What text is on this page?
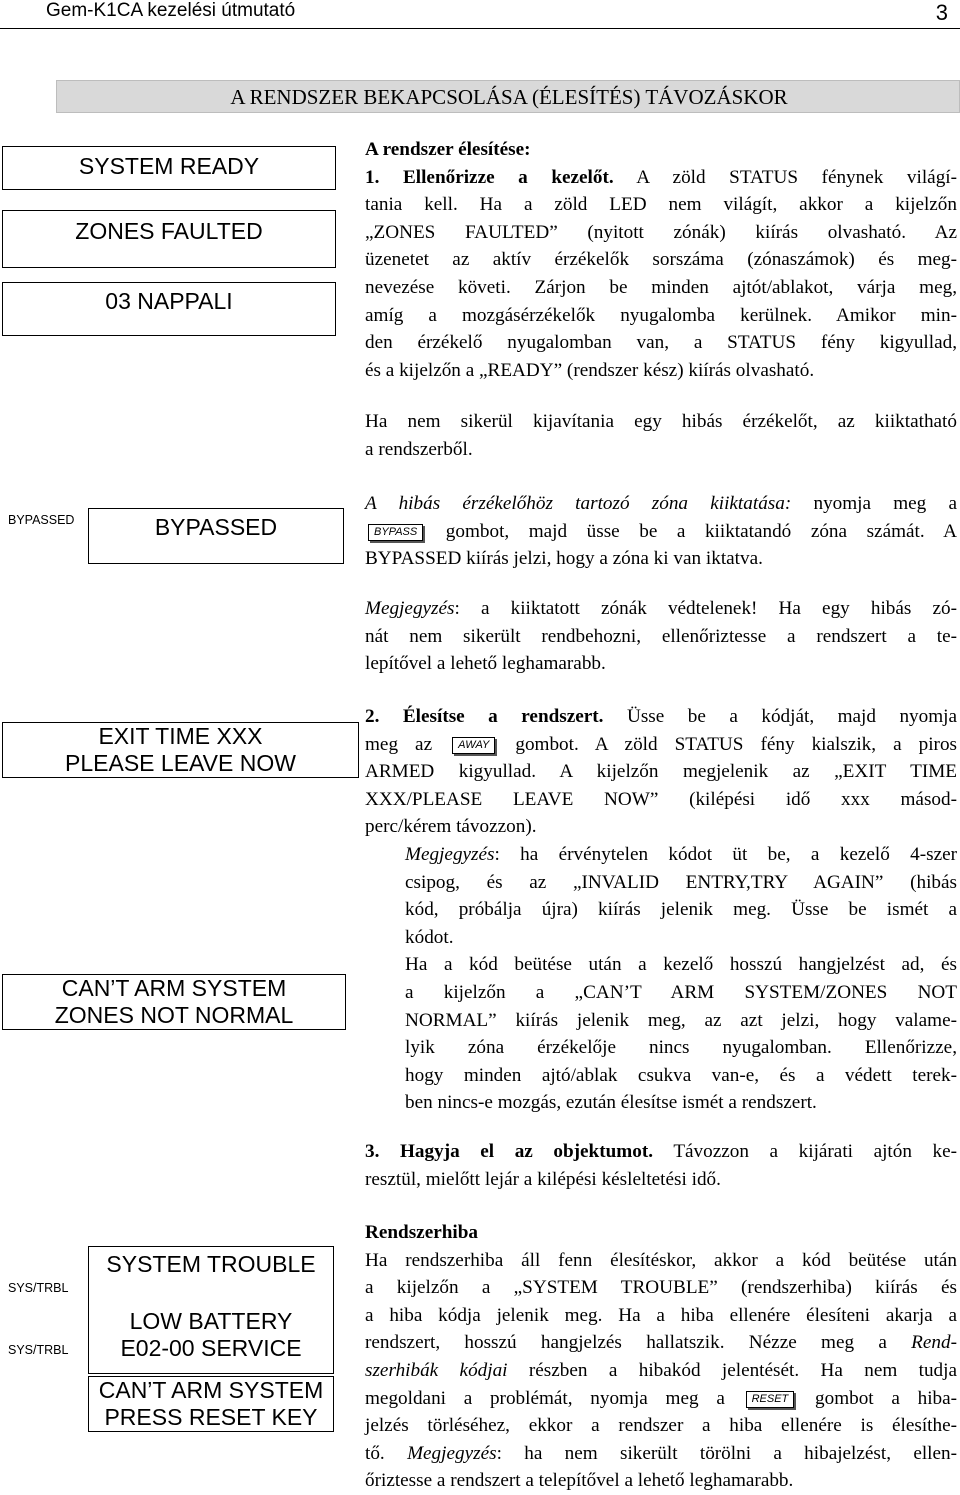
Gem-K1CA kezelési útmutató	3
A RENDSZER BEKAPCSOLÁSA (ÉLESÍTÉS) TÁVOZÁSKOR
SYSTEM READY
ZONES FAULTED
03 NAPPALI
BYPASSED	BYPASSED
EXIT TIME XXX
PLEASE LEAVE NOW
CAN’T ARM SYSTEM
ZONES NOT NORMAL
SYS/TRBL
SYS/TRBL
SYSTEM TROUBLE
LOW BATTERY
E02-00 SERVICE
CAN’T ARM SYSTEM
PRESS RESET KEY
A rendszer élesítése:
1. Ellenőrizze a kezelőt. A zöld STATUS fénynek világí-
tania kell. Ha a zöld LED nem világít, akkor a kijelzőn
„ZONES FAULTED” (nyitott zónák) kiírás olvasható. Az
üzenetet az aktív érzékelők sorszáma (zónaszámok) és meg-
nevezése követi. Zárjon be minden ajtót/ablakot, várja meg,
amíg a mozgásérzékelők nyugalomba kerülnek. Amikor min-
den érzékelő nyugalomban van, a STATUS fény kigyullad,
és a kijelzőn a „READY” (rendszer kész) kiírás olvasható.
Ha nem sikerül kijavítania egy hibás érzékelőt, az kiiktatható
a rendszerből.
A hibás érzékelőhöz tartozó zóna kiiktatása: nyomja meg a
BYPASS gombot, majd üsse be a kiiktatandó zóna számát. A
BYPASSED kiírás jelzi, hogy a zóna ki van iktatva.
Megjegyzés: a kiiktatott zónák védtelenek! Ha egy hibás zó-
nát nem sikerült rendbehozni, ellenőriztesse a rendszert a te-
lepítővel a lehető leghamarabb.
2. Élesítse a rendszert. Üsse be a kódját, majd nyomja
meg az AWAY gombot. A zöld STATUS fény kialszik, a piros
ARMED kigyullad. A kijelzőn megjelenik az „EXIT TIME
XXX/PLEASE LEAVE NOW” (kilépési idő xxx másod-
perc/kérem távozzon).
Megjegyzés: ha érvénytelen kódot üt be, a kezelő 4-szer
csipog, és az „INVALID ENTRY,TRY AGAIN” (hibás
kód, próbálja újra) kiírás jelenik meg. Üsse be ismét a
kódot.
Ha a kód beütése után a kezelő hosszú hangjelzést ad, és
a kijelzőn a „CAN’T ARM SYSTEM/ZONES NOT
NORMAL” kiírás jelenik meg, az azt jelzi, hogy valame-
lyik zóna érzékelője nincs nyugalomban. Ellenőrizze,
hogy minden ajtó/ablak csukva van-e, és a védett terek-
ben nincs-e mozgás, ezután élesítse ismét a rendszert.
3. Hagyja el az objektumot. Távozzon a kijárati ajtón ke-
resztül, mielőtt lejár a kilépési késleltetési idő.
Rendszerhiba
Ha rendszerhiba áll fenn élesítéskor, akkor a kód beütése után
a kijelzőn a „SYSTEM TROUBLE” (rendszerhiba) kiírás és
a hiba kódja jelenik meg. Ha a hiba ellenére élesíteni akarja a
rendszert, hosszú hangjelzés hallatszik. Nézze meg a Rend-
szerhibák kódjai részben a hibakód jelentését. Ha nem tudja
megoldani a problémát, nyomja meg a RESET gombot a hiba-
jelzés törléséhez, ekkor a rendszer a hiba ellenére is élesíthe-
tő. Megjegyzés: ha nem sikerült törölni a hibajelzést, ellen-
őriztesse a rendszert a telepítővel a lehető leghamarabb.
